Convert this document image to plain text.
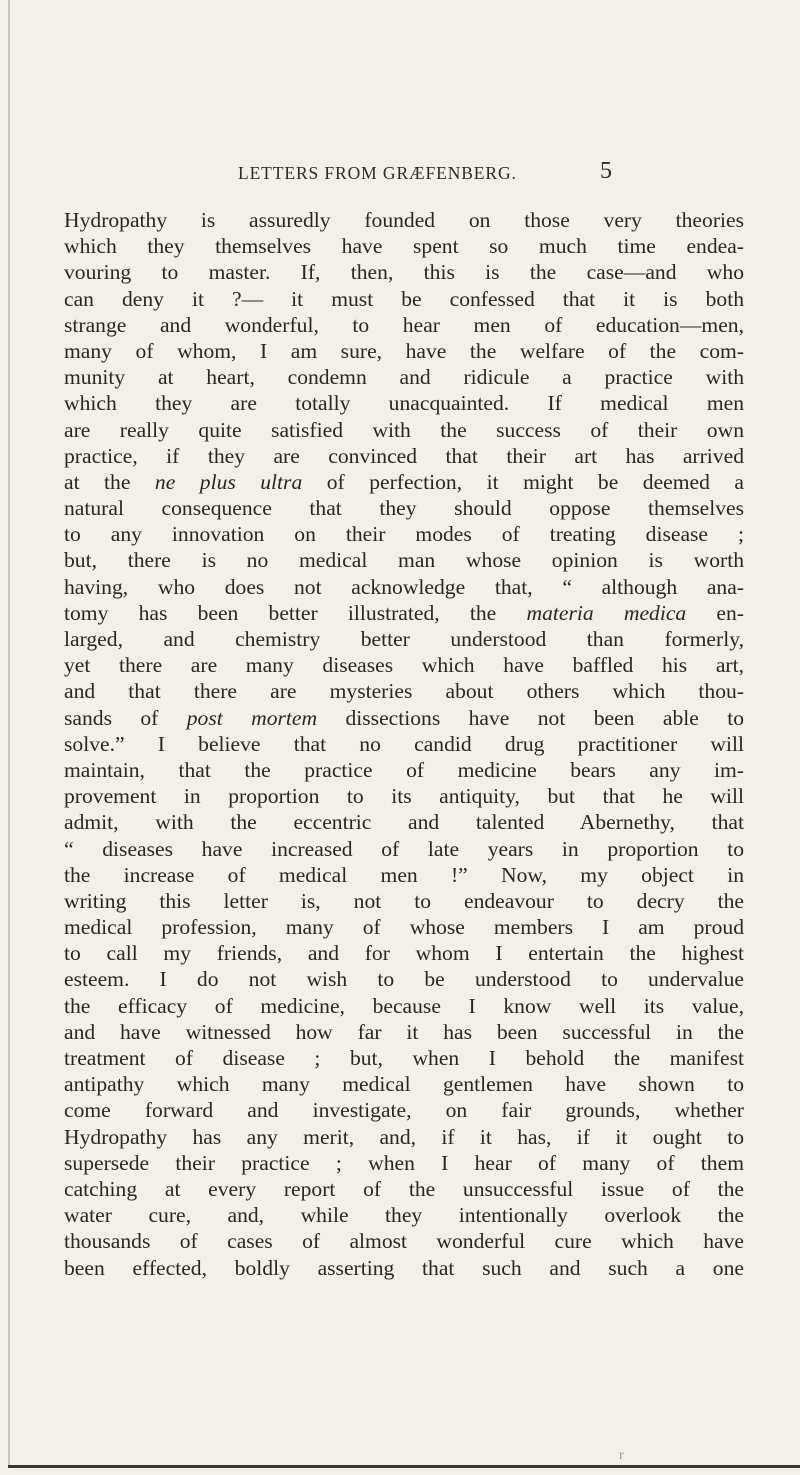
LETTERS FROM GRÆFENBERG.	5
Hydropathy is assuredly founded on those very theories
which they themselves have spent so much time endea-
vouring to master. If, then, this is the case—and who
can deny it ?— it must be confessed that it is both
strange and wonderful, to hear men of education—men,
many of whom, I am sure, have the welfare of the com-
munity at heart, condemn and ridicule a practice with
which they are totally unacquainted. If medical men
are really quite satisfied with the success of their own
practice, if they are convinced that their art has arrived
at the ne plus ultra of perfection, it might be deemed a
natural consequence that they should oppose themselves
to any innovation on their modes of treating disease ;
but, there is no medical man whose opinion is worth
having, who does not acknowledge that, “ although ana-
tomy has been better illustrated, the materia medica en-
larged, and chemistry better understood than formerly,
yet there are many diseases which have baffled his art,
and that there are mysteries about others which thou-
sands of post mortem dissections have not been able to
solve.” I believe that no candid drug practitioner will
maintain, that the practice of medicine bears any im-
provement in proportion to its antiquity, but that he will
admit, with the eccentric and talented Abernethy, that
“ diseases have increased of late years in proportion to
the increase of medical men !” Now, my object in
writing this letter is, not to endeavour to decry the
medical profession, many of whose members I am proud
to call my friends, and for whom I entertain the highest
esteem. I do not wish to be understood to undervalue
the efficacy of medicine, because I know well its value,
and have witnessed how far it has been successful in the
treatment of disease ; but, when I behold the manifest
antipathy which many medical gentlemen have shown to
come forward and investigate, on fair grounds, whether
Hydropathy has any merit, and, if it has, if it ought to
supersede their practice ; when I hear of many of them
catching at every report of the unsuccessful issue of the
water cure, and, while they intentionally overlook the
thousands of cases of almost wonderful cure which have
been effected, boldly asserting that such and such a one
r
